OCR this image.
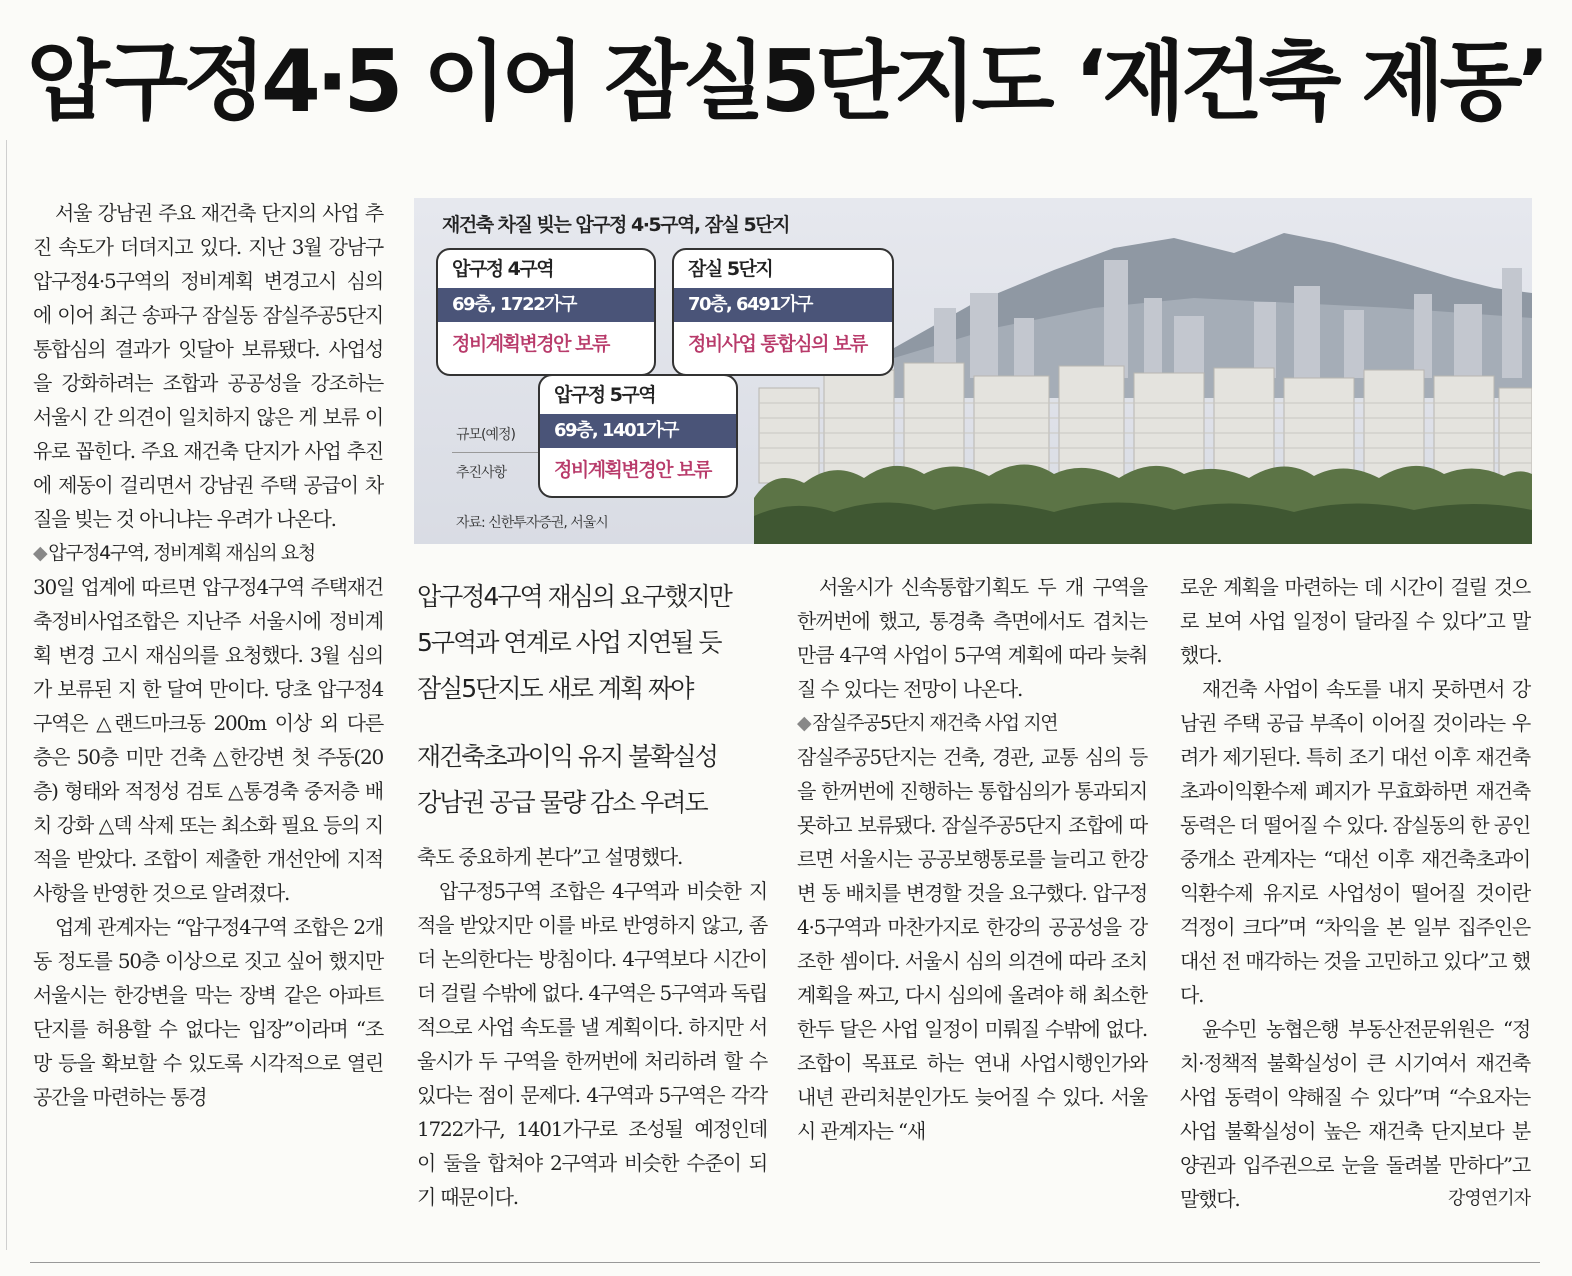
압구정4·5 이어 잠실5단지도 ‘재건축 제동’

서울 강남권 주요 재건축 단지의 사업 추진 속도가 더뎌지고 있다. 지난 3월 강남구 압구정4·5구역의 정비계획 변경고시 심의에 이어 최근 송파구 잠실동 잠실주공5단지 통합심의 결과가 잇달아 보류됐다. 사업성을 강화하려는 조합과 공공성을 강조하는 서울시 간 의견이 일치하지 않은 게 보류 이유로 꼽힌다. 주요 재건축 단지가 사업 추진에 제동이 걸리면서 강남권 주택 공급이 차질을 빚는 것 아니냐는 우려가 나온다.

◆ 압구정4구역, 정비계획 재심의 요청

30일 업계에 따르면 압구정4구역 주택재건축정비사업조합은 지난주 서울시에 정비계획 변경 고시 재심의를 요청했다. 3월 심의가 보류된 지 한 달여 만이다. 당초 압구정4구역은 △랜드마크동 200m 이상 외 다른 층은 50층 미만 건축 △한강변 첫 주동(20층) 형태와 적정성 검토 △통경축 중저층 배치 강화 △덱 삭제 또는 최소화 필요 등의 지적을 받았다. 조합이 제출한 개선안에 지적사항을 반영한 것으로 알려졌다.

업계 관계자는 “압구정4구역 조합은 2개 동 정도를 50층 이상으로 짓고 싶어 했지만 서울시는 한강변을 막는 장벽 같은 아파트 단지를 허용할 수 없다는 입장”이라며 “조망 등을 확보할 수 있도록 시각적으로 열린 공간을 마련하는 통경

재건축 차질 빚는 압구정 4·5구역, 잠실 5단지
압구정 4구역
69층, 1722가구
정비계획변경안 보류
잠실 5단지
70층, 6491가구
정비사업 통합심의 보류
압구정 5구역
69층, 1401가구
정비계획변경안 보류
규모(예정)
추진사항
자료: 신한투자증권, 서울시

압구정4구역 재심의 요구했지만

5구역과 연계로 사업 지연될 듯

잠실5단지도 새로 계획 짜야

재건축초과이익 유지 불확실성

강남권 공급 물량 감소 우려도

축도 중요하게 본다”고 설명했다.

압구정5구역 조합은 4구역과 비슷한 지적을 받았지만 이를 바로 반영하지 않고, 좀 더 논의한다는 방침이다. 4구역보다 시간이 더 걸릴 수밖에 없다. 4구역은 5구역과 독립적으로 사업 속도를 낼 계획이다. 하지만 서울시가 두 구역을 한꺼번에 처리하려 할 수 있다는 점이 문제다. 4구역과 5구역은 각각 1722가구, 1401가구로 조성될 예정인데 이 둘을 합쳐야 2구역과 비슷한 수준이 되기 때문이다.

서울시가 신속통합기획도 두 개 구역을 한꺼번에 했고, 통경축 측면에서도 겹치는 만큼 4구역 사업이 5구역 계획에 따라 늦춰질 수 있다는 전망이 나온다.

◆ 잠실주공5단지 재건축 사업 지연

잠실주공5단지는 건축, 경관, 교통 심의 등을 한꺼번에 진행하는 통합심의가 통과되지 못하고 보류됐다. 잠실주공5단지 조합에 따르면 서울시는 공공보행통로를 늘리고 한강변 동 배치를 변경할 것을 요구했다. 압구정4·5구역과 마찬가지로 한강의 공공성을 강조한 셈이다. 서울시 심의 의견에 따라 조치 계획을 짜고, 다시 심의에 올려야 해 최소한 한두 달은 사업 일정이 미뤄질 수밖에 없다. 조합이 목표로 하는 연내 사업시행인가와 내년 관리처분인가도 늦어질 수 있다. 서울시 관계자는 “새

로운 계획을 마련하는 데 시간이 걸릴 것으로 보여 사업 일정이 달라질 수 있다”고 말했다.

재건축 사업이 속도를 내지 못하면서 강남권 주택 공급 부족이 이어질 것이라는 우려가 제기된다. 특히 조기 대선 이후 재건축초과이익환수제 폐지가 무효화하면 재건축 동력은 더 떨어질 수 있다. 잠실동의 한 공인중개소 관계자는 “대선 이후 재건축초과이익환수제 유지로 사업성이 떨어질 것이란 걱정이 크다”며 “차익을 본 일부 집주인은 대선 전 매각하는 것을 고민하고 있다”고 했다.

윤수민 농협은행 부동산전문위원은 “정치·정책적 불확실성이 큰 시기여서 재건축 사업 동력이 약해질 수 있다”며 “수요자는 사업 불확실성이 높은 재건축 단지보다 분양권과 입주권으로 눈을 돌려볼 만하다”고 말했다.	강영연기자
